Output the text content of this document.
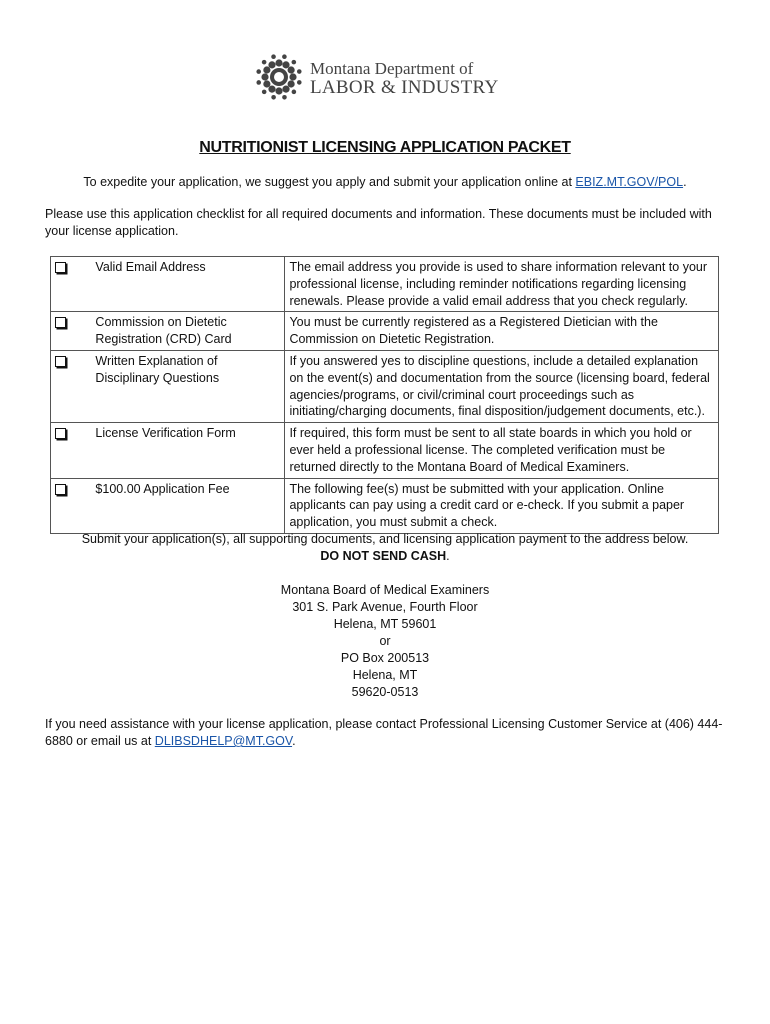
Montana Department of
LABOR & INDUSTRY
NUTRITIONIST LICENSING APPLICATION PACKET
To expedite your application, we suggest you apply and submit your application online at EBIZ.MT.GOV/POL.
Please use this application checklist for all required documents and information. These documents must be included with your license application.
	Valid Email Address	The email address you provide is used to share information relevant to your professional license, including reminder notifications regarding licensing renewals. Please provide a valid email address that you check regularly.
	Commission on Dietetic Registration (CRD) Card	You must be currently registered as a Registered Dietician with the Commission on Dietetic Registration.
	Written Explanation of Disciplinary Questions	If you answered yes to discipline questions, include a detailed explanation on the event(s) and documentation from the source (licensing board, federal agencies/programs, or civil/criminal court proceedings such as initiating/charging documents, final disposition/judgement documents, etc.).
	License Verification Form	If required, this form must be sent to all state boards in which you hold or ever held a professional license. The completed verification must be returned directly to the Montana Board of Medical Examiners.
	$100.00 Application Fee	The following fee(s) must be submitted with your application. Online applicants can pay using a credit card or e-check. If you submit a paper application, you must submit a check.
Submit your application(s), all supporting documents, and licensing application payment to the address below.
DO NOT SEND CASH.
Montana Board of Medical Examiners
301 S. Park Avenue, Fourth Floor
Helena, MT 59601
or
PO Box 200513
Helena, MT
59620-0513
If you need assistance with your license application, please contact Professional Licensing Customer Service at (406) 444-6880 or email us at DLIBSDHELP@MT.GOV.
